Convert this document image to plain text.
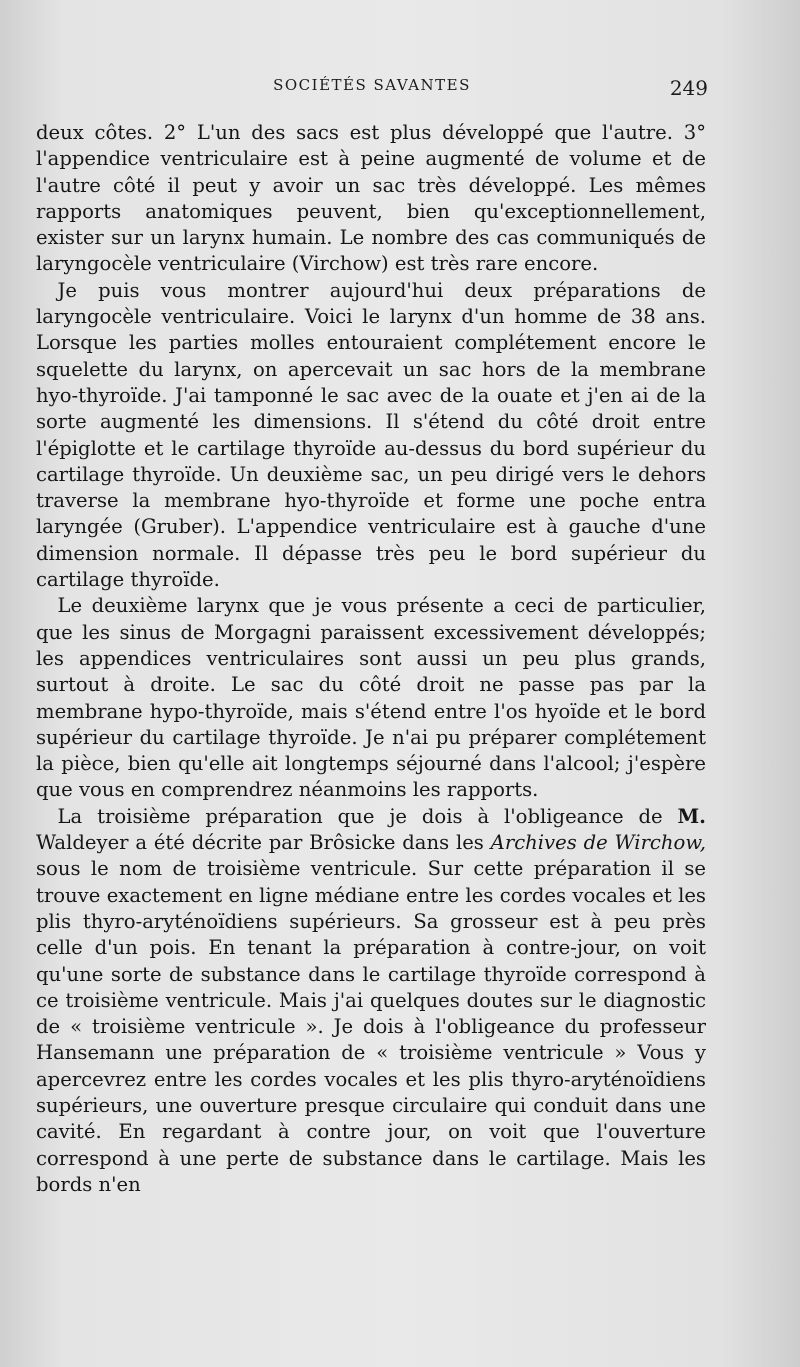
SOCIÉTÉS SAVANTES	249

deux côtes. 2° L'un des sacs est plus développé que l'autre. 3° l'appendice ventriculaire est à peine augmenté de volume et de l'autre côté il peut y avoir un sac très développé. Les mêmes rapports anatomiques peuvent, bien qu'exceptionnellement, exister sur un larynx humain. Le nombre des cas communiqués de laryngocèle ventriculaire (Virchow) est très rare encore.

Je puis vous montrer aujourd'hui deux préparations de laryngocèle ventriculaire. Voici le larynx d'un homme de 38 ans. Lorsque les parties molles entouraient complétement encore le squelette du larynx, on apercevait un sac hors de la membrane hyo-thyroïde. J'ai tamponné le sac avec de la ouate et j'en ai de la sorte augmenté les dimensions. Il s'étend du côté droit entre l'épiglotte et le cartilage thyroïde au-dessus du bord supérieur du cartilage thyroïde. Un deuxième sac, un peu dirigé vers le dehors traverse la membrane hyo-thyroïde et forme une poche entra laryngée (Gruber). L'appendice ventriculaire est à gauche d'une dimension normale. Il dépasse très peu le bord supérieur du cartilage thyroïde.

Le deuxième larynx que je vous présente a ceci de particulier, que les sinus de Morgagni paraissent excessivement développés; les appendices ventriculaires sont aussi un peu plus grands, surtout à droite. Le sac du côté droit ne passe pas par la membrane hypo-thyroïde, mais s'étend entre l'os hyoïde et le bord supérieur du cartilage thyroïde. Je n'ai pu préparer complétement la pièce, bien qu'elle ait longtemps séjourné dans l'alcool; j'espère que vous en comprendrez néanmoins les rapports.

La troisième préparation que je dois à l'obligeance de M. Waldeyer a été décrite par Brôsicke dans les Archives de Wirchow, sous le nom de troisième ventricule. Sur cette préparation il se trouve exactement en ligne médiane entre les cordes vocales et les plis thyro-aryténoïdiens supérieurs. Sa grosseur est à peu près celle d'un pois. En tenant la préparation à contre-jour, on voit qu'une sorte de substance dans le cartilage thyroïde correspond à ce troisième ventricule. Mais j'ai quelques doutes sur le diagnostic de « troisième ventricule ». Je dois à l'obligeance du professeur Hansemann une préparation de « troisième ventricule » Vous y apercevrez entre les cordes vocales et les plis thyro-aryténoïdiens supérieurs, une ouverture presque circulaire qui conduit dans une cavité. En regardant à contre jour, on voit que l'ouverture correspond à une perte de substance dans le cartilage. Mais les bords n'en
